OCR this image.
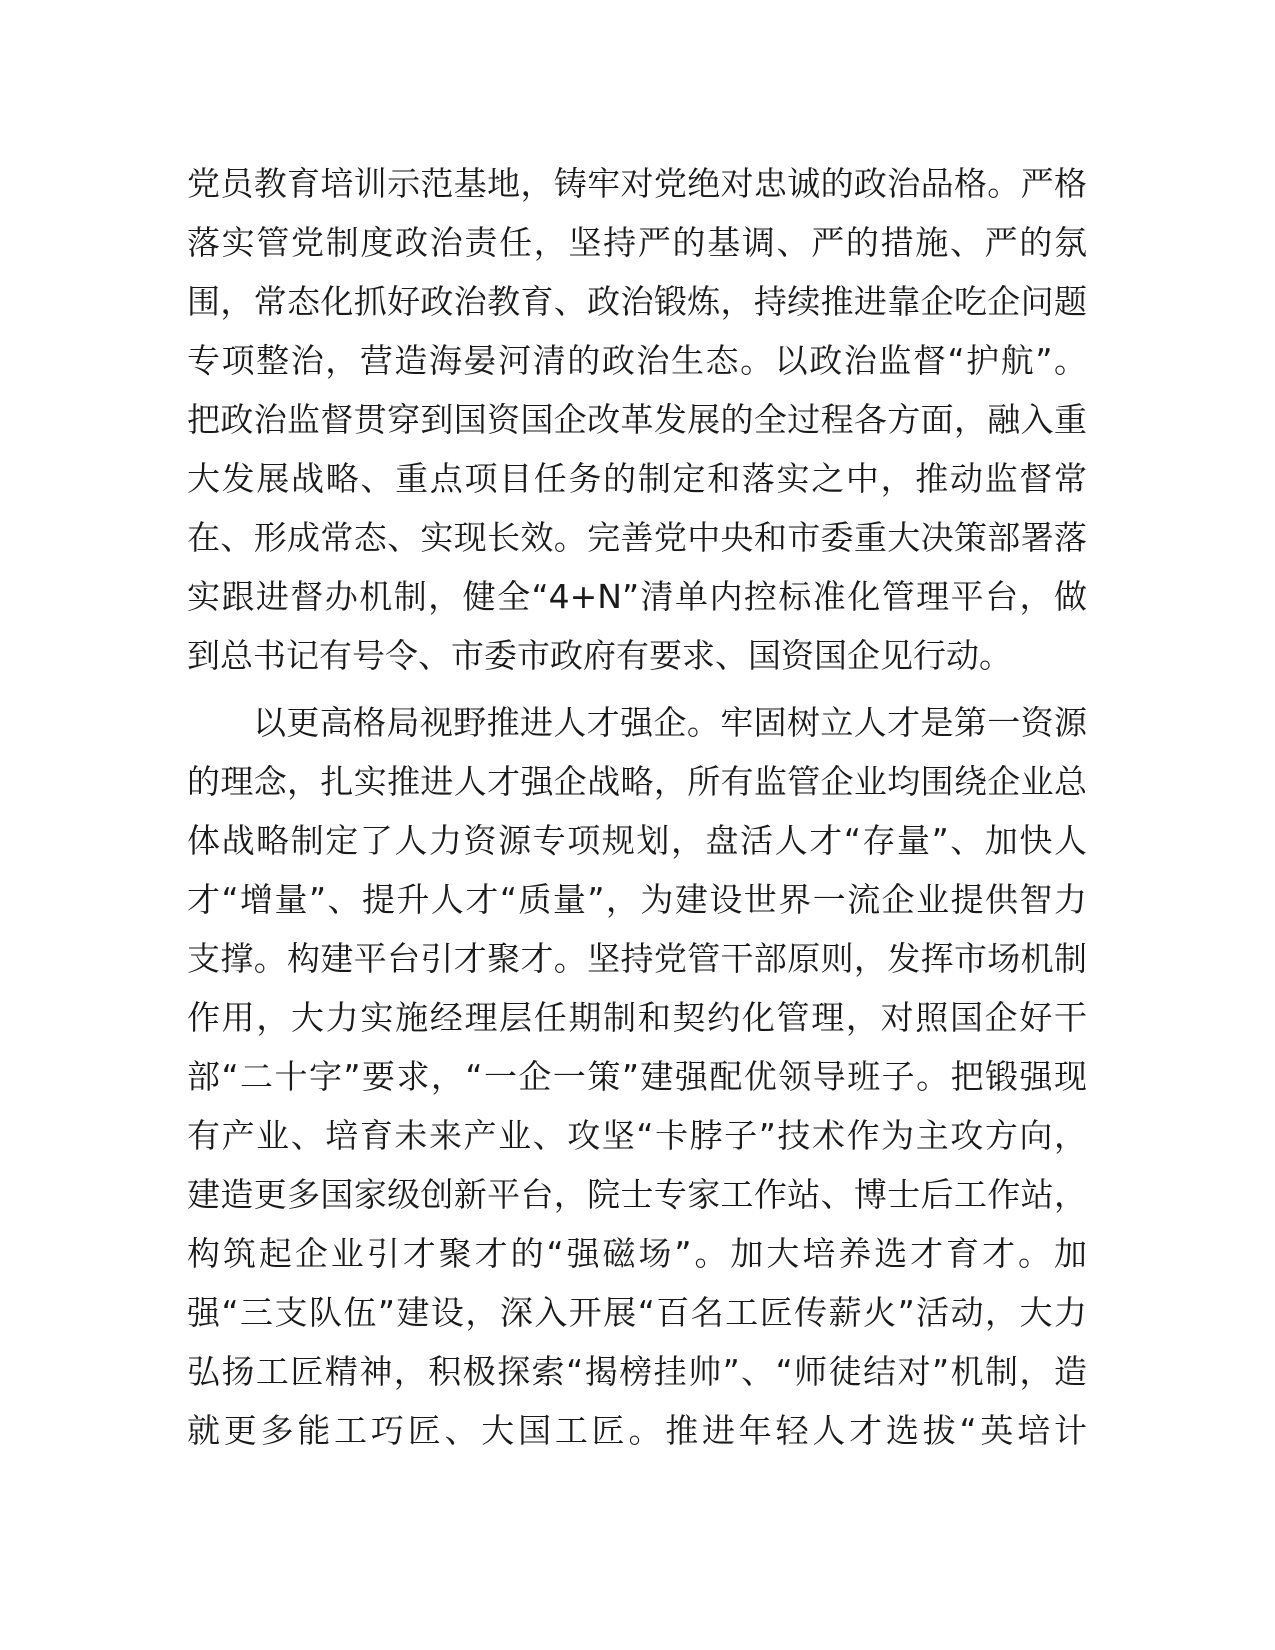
党员教育培训示范基地，铸牢对党绝对忠诚的政治品格。严格
落实管党制度政治责任，坚持严的基调、严的措施、严的氛
围，常态化抓好政治教育、政治锻炼，持续推进靠企吃企问题
专项整治，营造海晏河清的政治生态。以政治监督“护航”。
把政治监督贯穿到国资国企改革发展的全过程各方面，融入重
大发展战略、重点项目任务的制定和落实之中，推动监督常
在、形成常态、实现长效。完善党中央和市委重大决策部署落
实跟进督办机制，健全“4+N”清单内控标准化管理平台，做
到总书记有号令、市委市政府有要求、国资国企见行动。
以更高格局视野推进人才强企。牢固树立人才是第一资源
的理念，扎实推进人才强企战略，所有监管企业均围绕企业总
体战略制定了人力资源专项规划，盘活人才“存量”、加快人
才“增量”、提升人才“质量”，为建设世界一流企业提供智力
支撑。构建平台引才聚才。坚持党管干部原则，发挥市场机制
作用，大力实施经理层任期制和契约化管理，对照国企好干
部“二十字”要求，“一企一策”建强配优领导班子。把锻强现
有产业、培育未来产业、攻坚“卡脖子”技术作为主攻方向，
建造更多国家级创新平台，院士专家工作站、博士后工作站，
构筑起企业引才聚才的“强磁场”。加大培养选才育才。加
强“三支队伍”建设，深入开展“百名工匠传薪火”活动，大力
弘扬工匠精神，积极探索“揭榜挂帅”、“师徒结对”机制，造
就更多能工巧匠、大国工匠。推进年轻人才选拔“英培计
